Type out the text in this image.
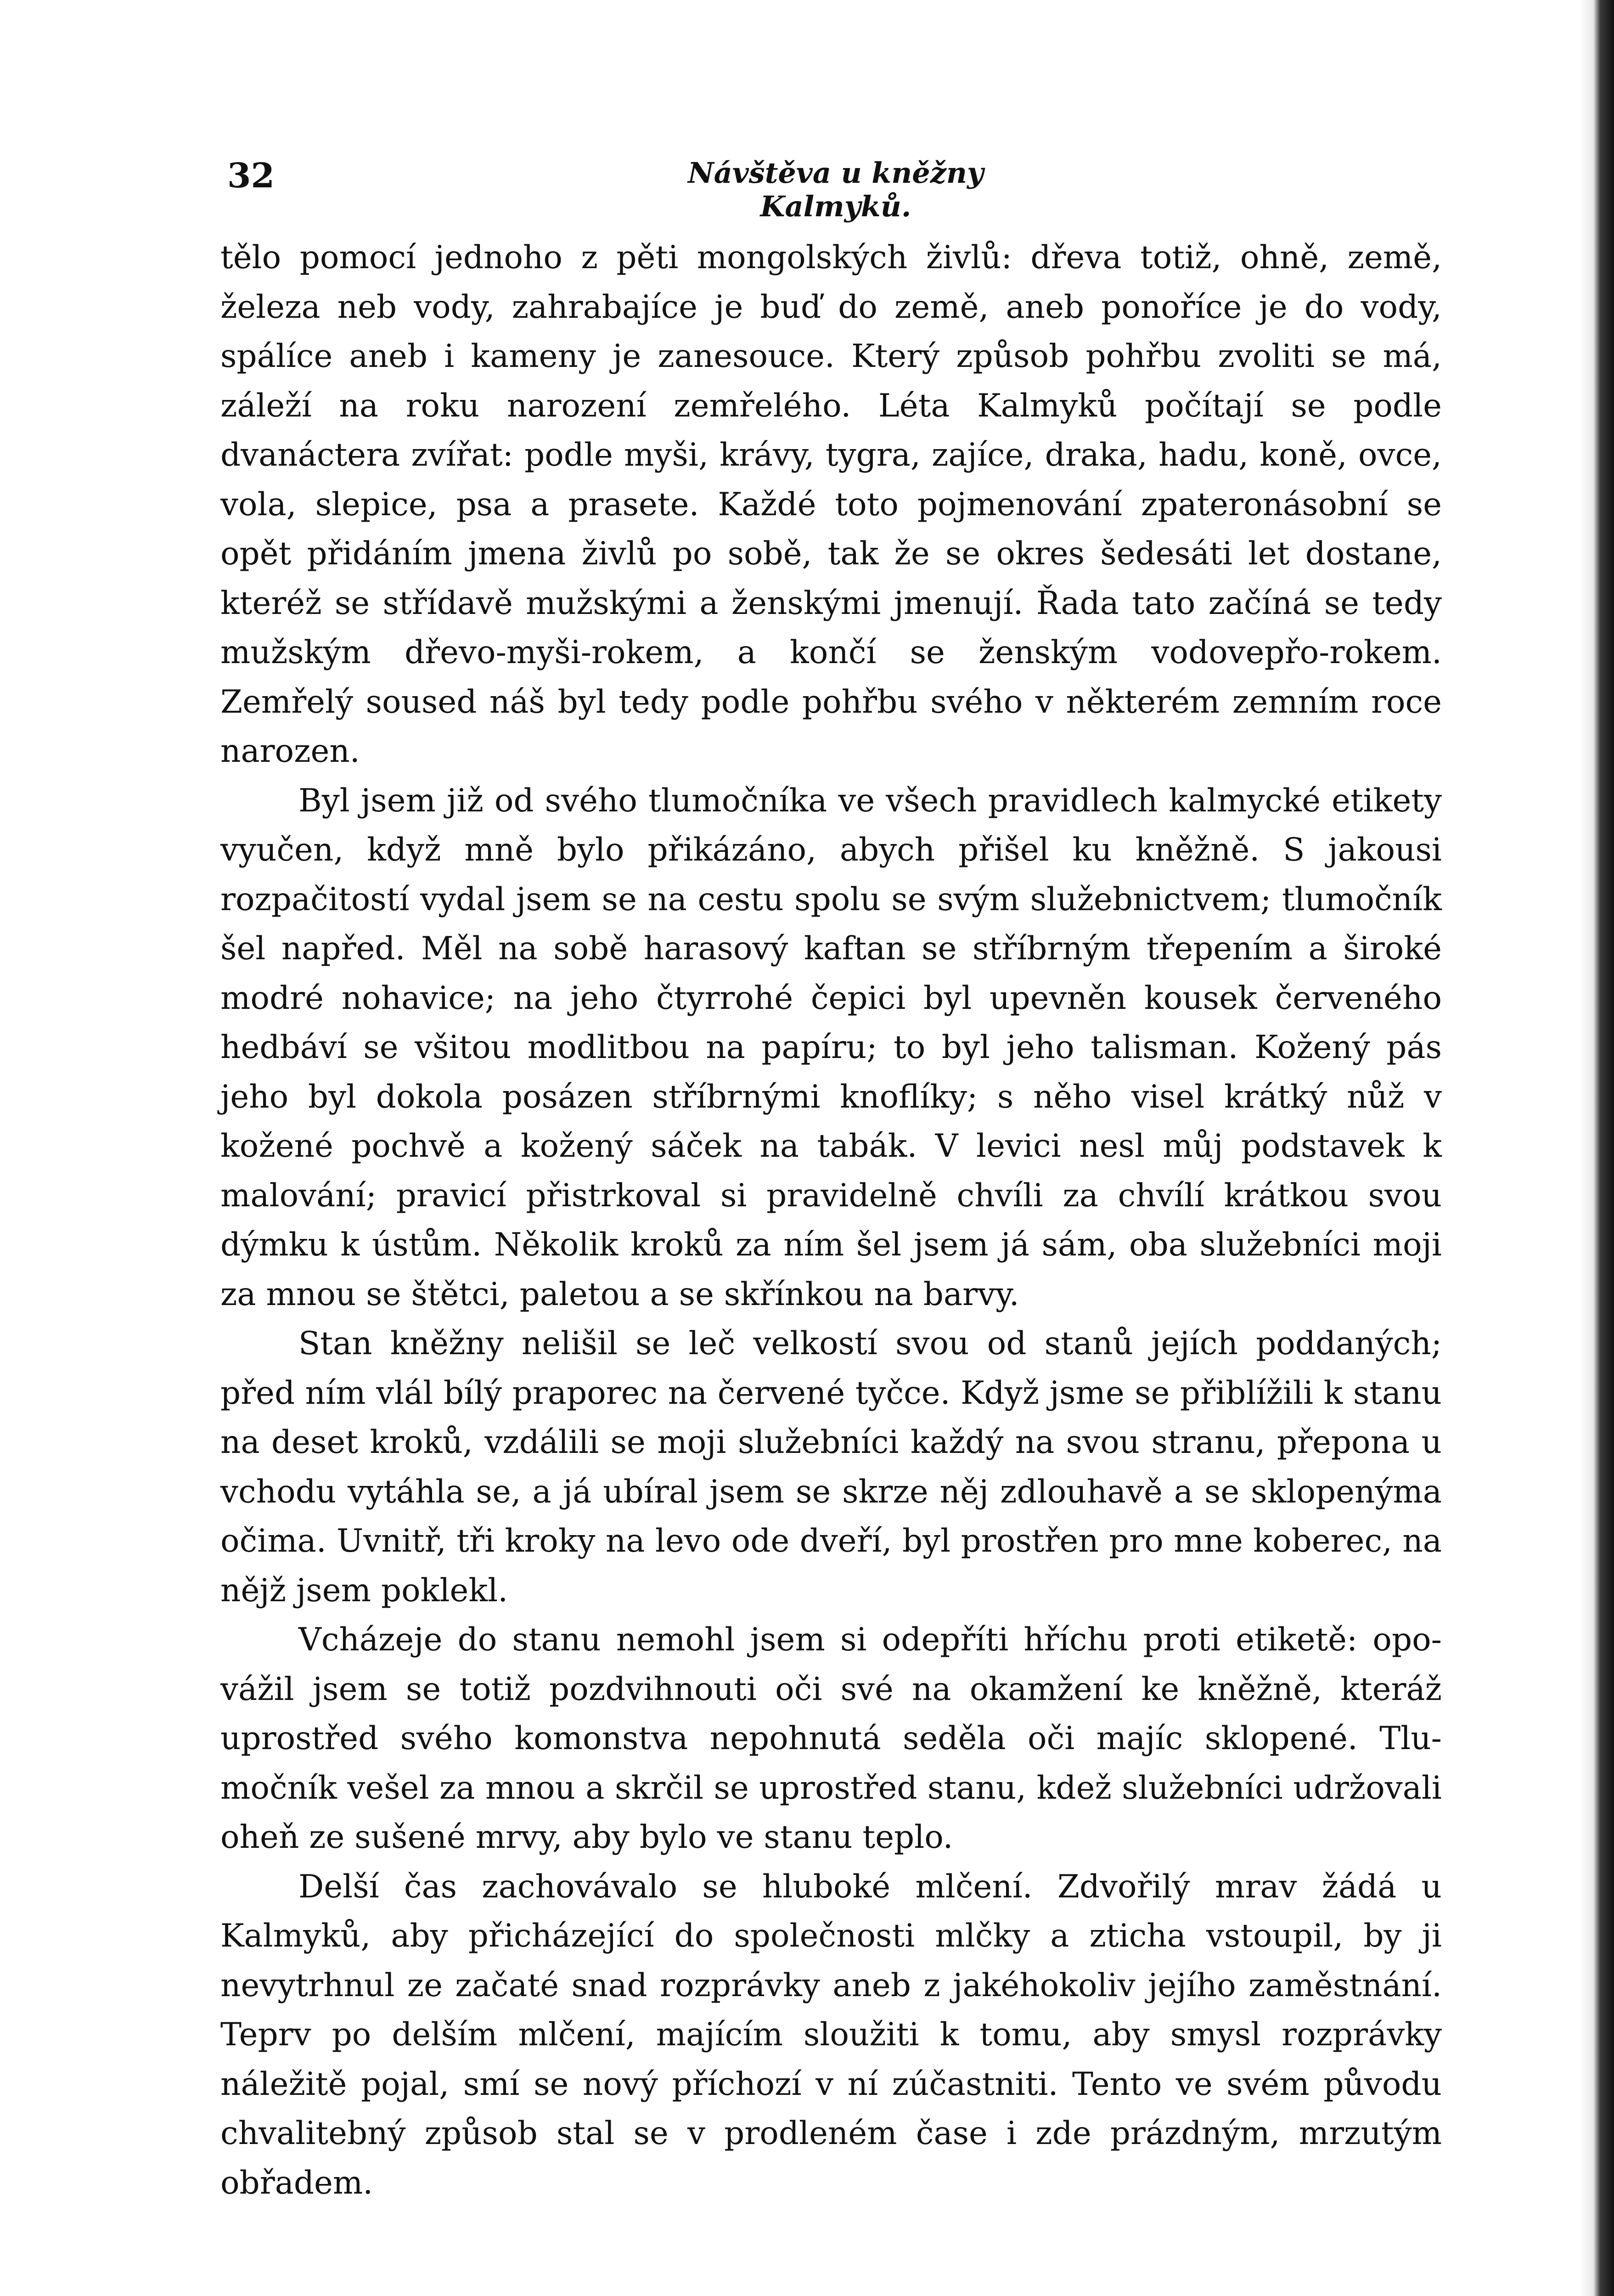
32	Návštěva u kněžny Kalmyků.

tělo pomocí jednoho z pěti mongolských živlů: dřeva totiž, ohně, země, železa neb vody, zahrabajíce je buď do země, aneb ponoříce je do vody, spálíce aneb i kameny je zanesouce. Který způsob pohřbu zvoliti se má, záleží na roku narození zemřelého. Léta Kalmyků počítají se podle dvanáctera zvířat: podle myši, krávy, tygra, zajíce, draka, hadu, koně, ovce, vola, slepice, psa a prasete. Každé toto pojmenování zpateronásobní se opět přidáním jmena živlů po sobě, tak že se okres šedesáti let dostane, kteréž se střídavě mužskými a ženskými jmenují. Řada tato začíná se tedy mužským dřevo-myši-rokem, a končí se ženským vodovepřo-rokem. Zemřelý soused náš byl tedy podle pohřbu svého v některém zemním roce narozen.

Byl jsem již od svého tlumočníka ve všech pravidlech kalmycké etikety vyučen, když mně bylo přikázáno, abych přišel ku kněžně. S jakousi rozpačitostí vydal jsem se na cestu spolu se svým služebnictvem; tlumočník šel napřed. Měl na sobě harasový kaftan se stříbrným třepením a široké modré nohavice; na jeho čtyrrohé čepici byl upevněn kousek červeného hedbáví se všitou modlitbou na papíru; to byl jeho talisman. Kožený pás jeho byl dokola posázen stříbrnými knoflíky; s něho visel krátký nůž v kožené pochvě a kožený sáček na tabák. V levici nesl můj podstavek k malování; pravicí přistrkoval si pravidelně chvíli za chvílí krátkou svou dýmku k ústům. Několik kroků za ním šel jsem já sám, oba služebníci moji za mnou se štětci, paletou a se skřínkou na barvy.

Stan kněžny nelišil se leč velkostí svou od stanů jejích poddaných; před ním vlál bílý praporec na červené tyčce. Když jsme se přiblížili k stanu na deset kroků, vzdálili se moji služebníci každý na svou stranu, přepona u vchodu vytáhla se, a já ubíral jsem se skrze něj zdlouhavě a se sklopenýma očima. Uvnitř, tři kroky na levo ode dveří, byl prostřen pro mne koberec, na nějž jsem poklekl.

Vcházeje do stanu nemohl jsem si odepříti hříchu proti etiketě: opovážil jsem se totiž pozdvihnouti oči své na okamžení ke kněžně, kteráž uprostřed svého komonstva nepohnutá seděla oči majíc sklopené. Tlumočník vešel za mnou a skrčil se uprostřed stanu, kdež služebníci udržovali oheň ze sušené mrvy, aby bylo ve stanu teplo.

Delší čas zachovávalo se hluboké mlčení. Zdvořilý mrav žádá u Kalmyků, aby přicházející do společnosti mlčky a zticha vstoupil, by ji nevytrhnul ze začaté snad rozprávky aneb z jakéhokoliv jejího zaměstnání. Teprv po delším mlčení, majícím sloužiti k tomu, aby smysl rozprávky náležitě pojal, smí se nový příchozí v ní zúčastniti. Tento ve svém původu chvalitebný způsob stal se v prodleném čase i zde prázdným, mrzutým obřadem.
